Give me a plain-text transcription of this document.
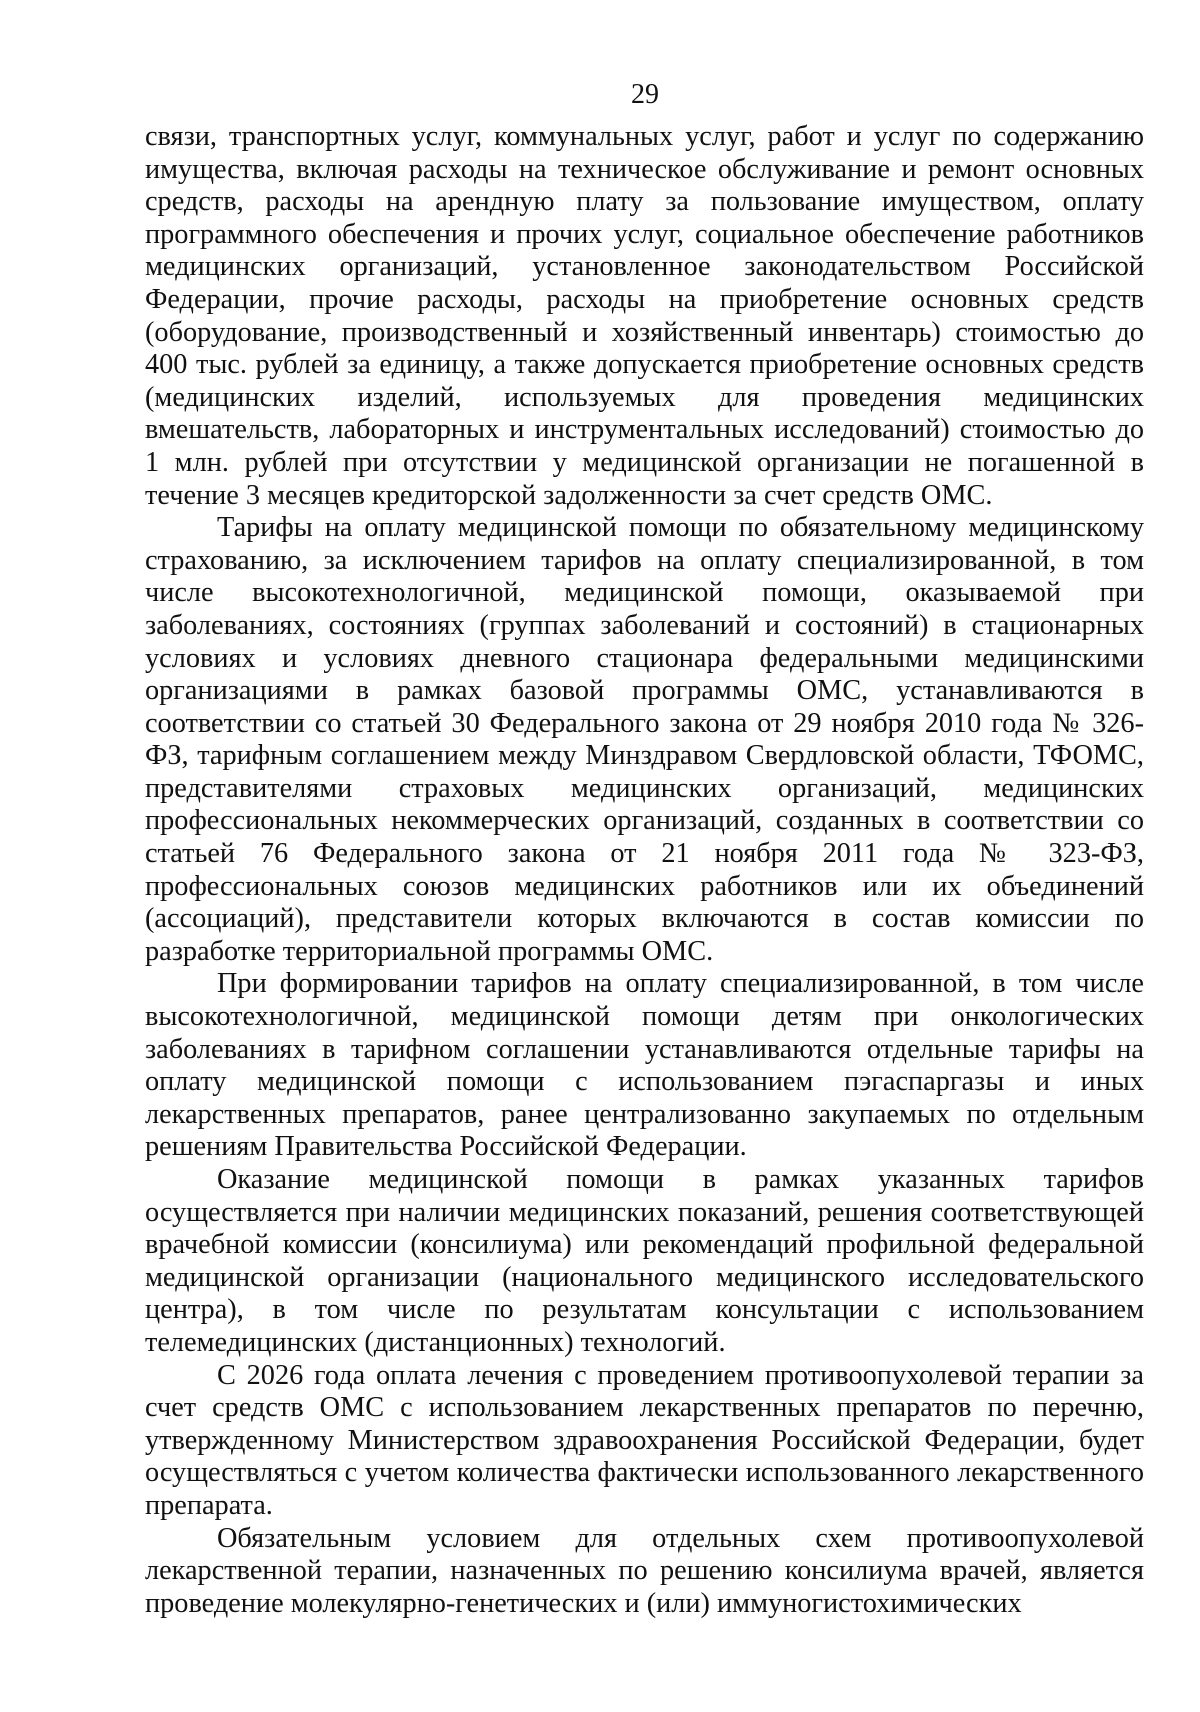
29

связи, транспортных услуг, коммунальных услуг, работ и услуг по содержанию имущества, включая расходы на техническое обслуживание и ремонт основных средств, расходы на арендную плату за пользование имуществом, оплату программного обеспечения и прочих услуг, социальное обеспечение работников медицинских организаций, установленное законодательством Российской Федерации, прочие расходы, расходы на приобретение основных средств (оборудование, производственный и хозяйственный инвентарь) стоимостью до 400 тыс. рублей за единицу, а также допускается приобретение основных средств (медицинских изделий, используемых для проведения медицинских вмешательств, лабораторных и инструментальных исследований) стоимостью до 1 млн. рублей при отсутствии у медицинской организации не погашенной в течение 3 месяцев кредиторской задолженности за счет средств ОМС.

Тарифы на оплату медицинской помощи по обязательному медицинскому страхованию, за исключением тарифов на оплату специализированной, в том числе высокотехнологичной, медицинской помощи, оказываемой при заболеваниях, состояниях (группах заболеваний и состояний) в стационарных условиях и условиях дневного стационара федеральными медицинскими организациями в рамках базовой программы ОМС, устанавливаются в соответствии со статьей 30 Федерального закона от 29 ноября 2010 года № 326-ФЗ, тарифным соглашением между Минздравом Свердловской области, ТФОМС, представителями страховых медицинских организаций, медицинских профессиональных некоммерческих организаций, созданных в соответствии со статьей 76 Федерального закона от 21 ноября 2011 года № 323-ФЗ, профессиональных союзов медицинских работников или их объединений (ассоциаций), представители которых включаются в состав комиссии по разработке территориальной программы ОМС.

При формировании тарифов на оплату специализированной, в том числе высокотехнологичной, медицинской помощи детям при онкологических заболеваниях в тарифном соглашении устанавливаются отдельные тарифы на оплату медицинской помощи с использованием пэгаспаргазы и иных лекарственных препаратов, ранее централизованно закупаемых по отдельным решениям Правительства Российской Федерации.

Оказание медицинской помощи в рамках указанных тарифов осуществляется при наличии медицинских показаний, решения соответствующей врачебной комиссии (консилиума) или рекомендаций профильной федеральной медицинской организации (национального медицинского исследовательского центра), в том числе по результатам консультации с использованием телемедицинских (дистанционных) технологий.

С 2026 года оплата лечения с проведением противоопухолевой терапии за счет средств ОМС с использованием лекарственных препаратов по перечню, утвержденному Министерством здравоохранения Российской Федерации, будет осуществляться с учетом количества фактически использованного лекарственного препарата.

Обязательным условием для отдельных схем противоопухолевой лекарственной терапии, назначенных по решению консилиума врачей, является проведение молекулярно-генетических и (или) иммуногистохимических
